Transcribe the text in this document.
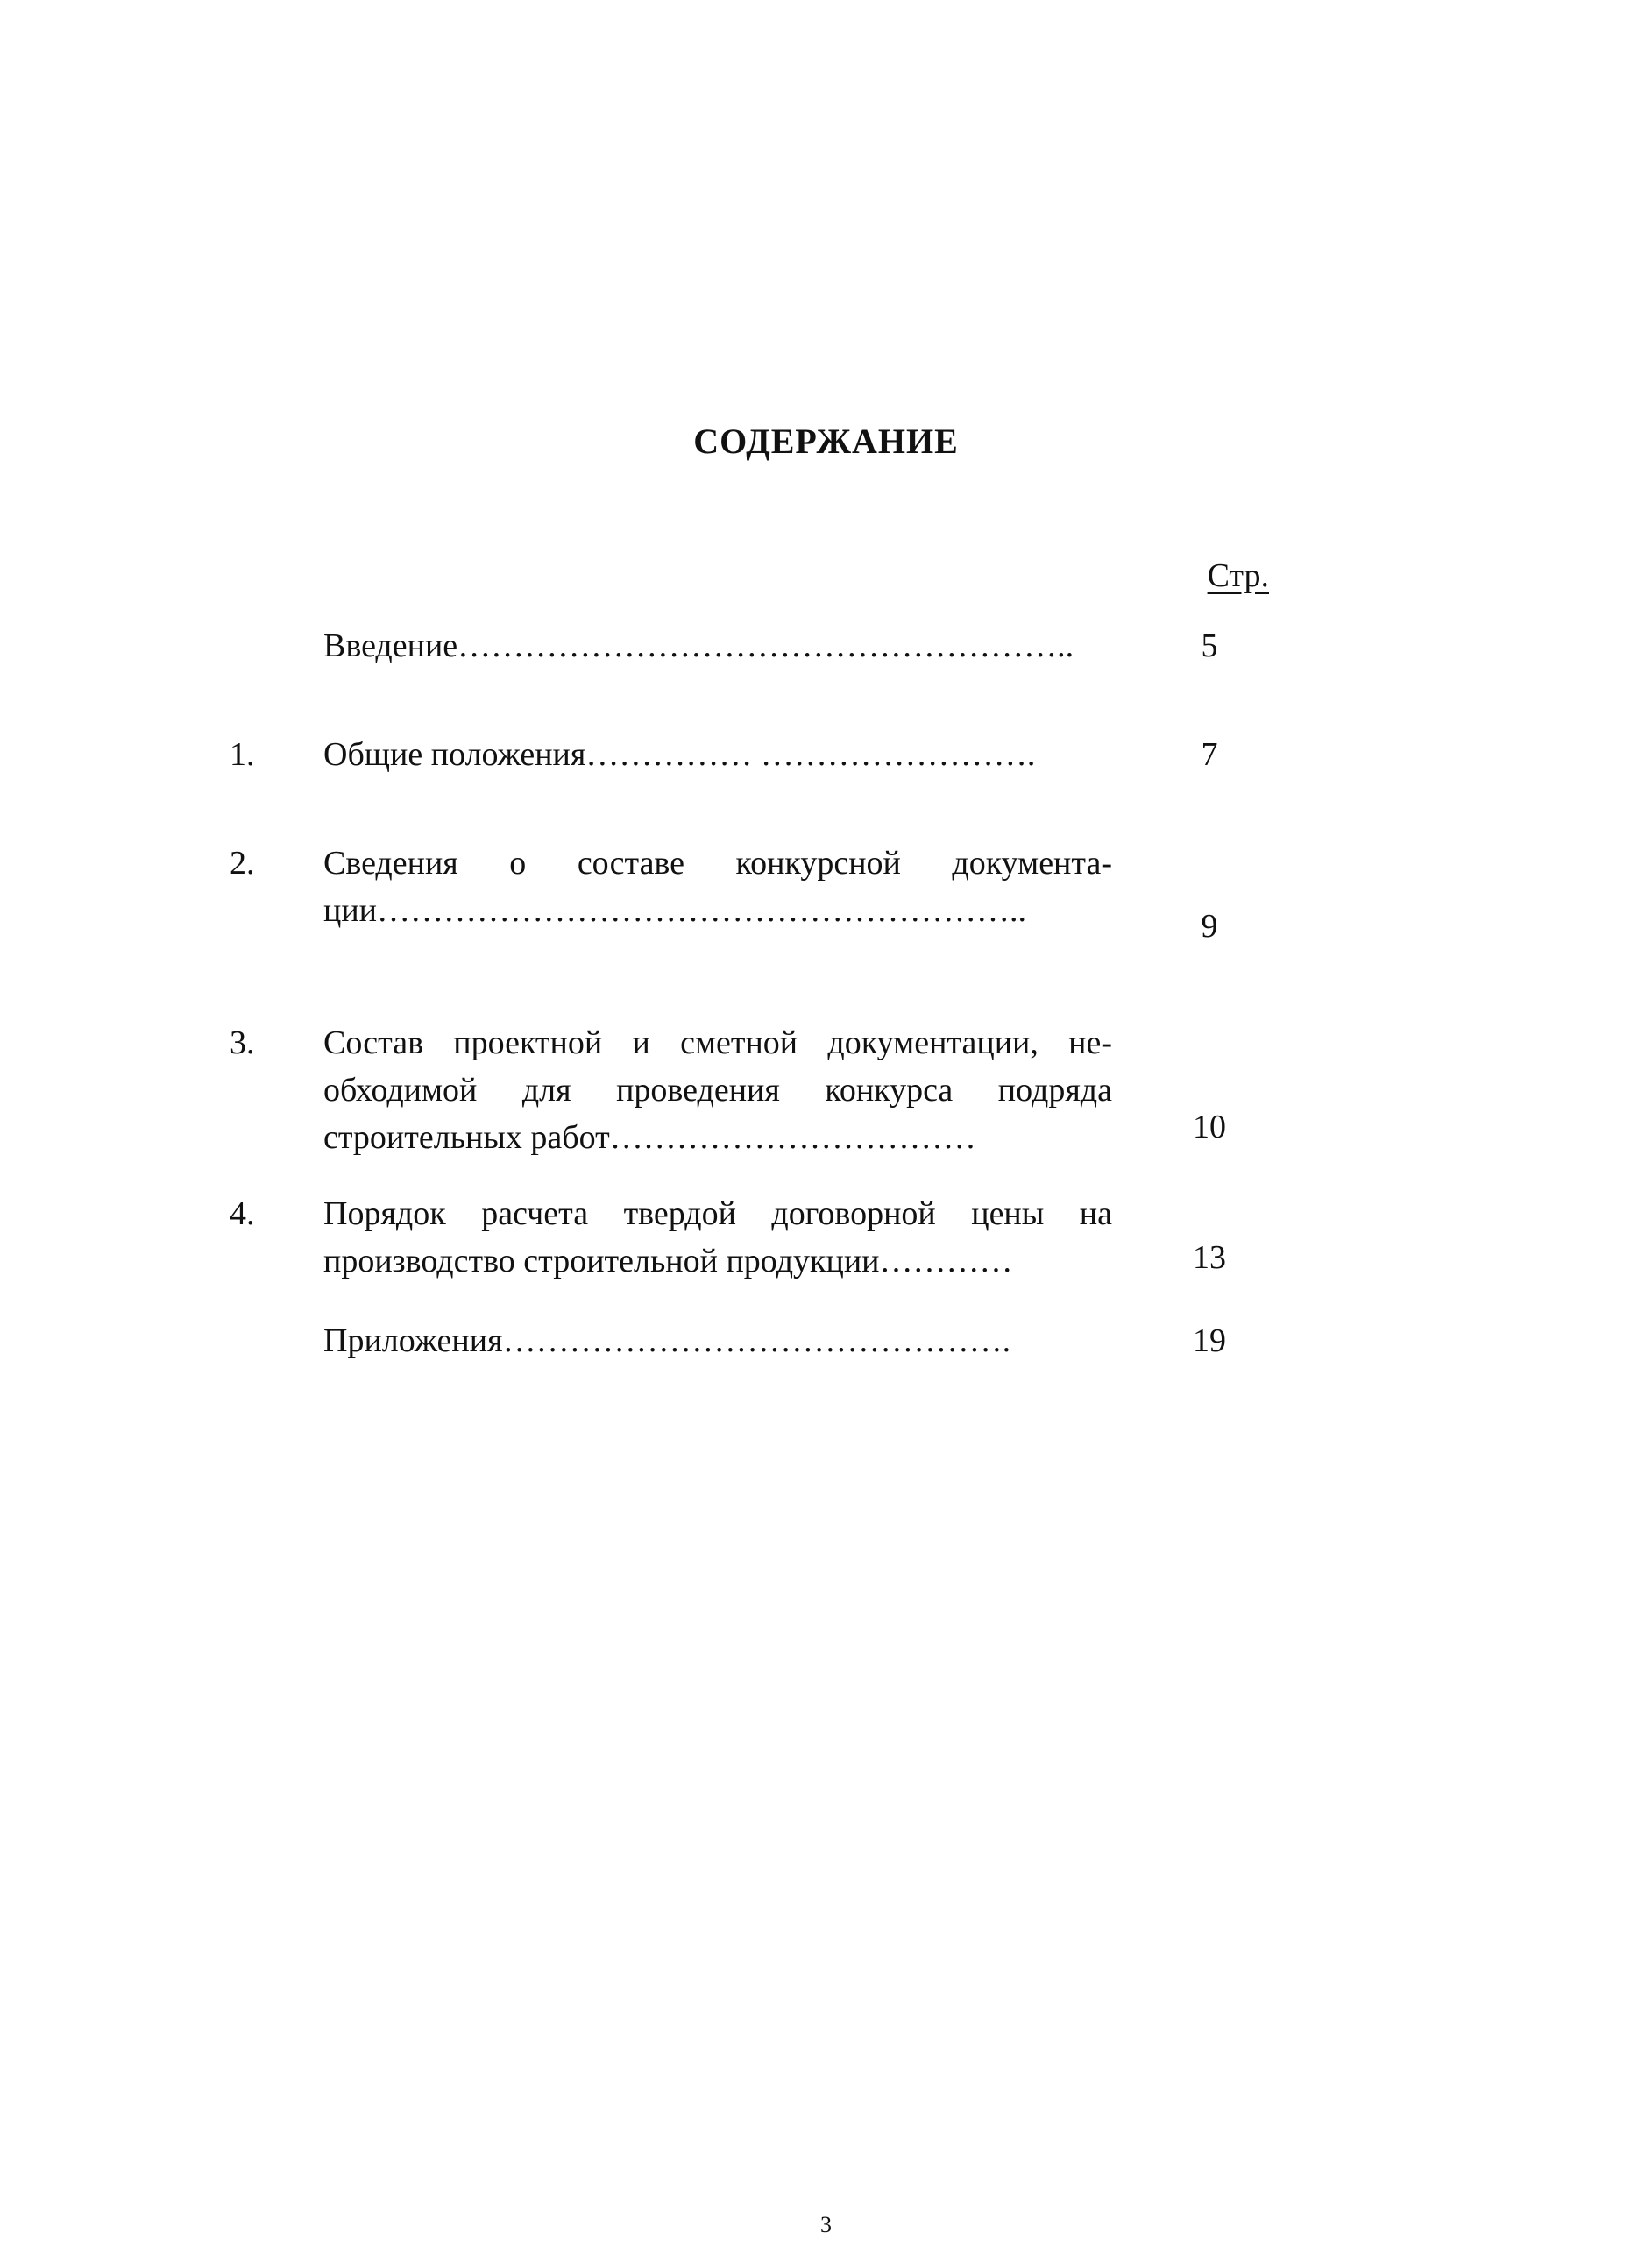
СОДЕРЖАНИЕ
Стр.
Введение………………………………………………..	5
1. Общие положения…………… …………………….	7
2. Сведения о составе конкурсной документа-
ции…………………………………………………..	9
3. Состав проектной и сметной документации, не-
обходимой для проведения конкурса подряда
строительных работ……………………………	10
4. Порядок расчета твердой договорной цены на
производство строительной продукции…………	13
Приложения……………………………………….	19
3
